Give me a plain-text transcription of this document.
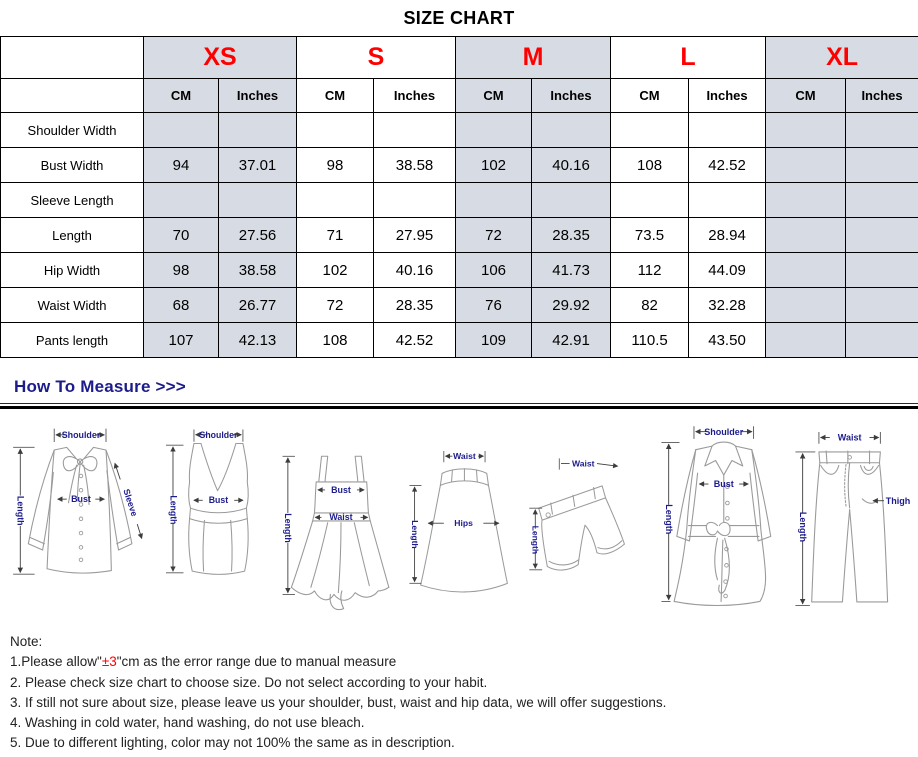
SIZE CHART
	XS		S		M		L		XL	
	CM	Inches	CM	Inches	CM	Inches	CM	Inches	CM	Inches
Shoulder Width										
Bust Width	94	37.01	98	38.58	102	40.16	108	42.52		
Sleeve Length										
Length	70	27.56	71	27.95	72	28.35	73.5	28.94		
Hip Width	98	38.58	102	40.16	106	41.73	112	44.09		
Waist Width	68	26.77	72	28.35	76	29.92	82	32.28		
Pants length	107	42.13	108	42.52	109	42.91	110.5	43.50		
How To Measure >>>
Shoulder
Length	Bust	Sleeve
Shoulder
Length	Bust
Length
Bust
Waist
Waist
Hips
Length
Waist
Length
Shoulder
Length
Bust
Waist
Length
Thigh
Note:
1.Please allow"±3"cm as the error range due to manual measure
2. Please check size chart to choose size. Do not select according to your habit.
3. If still not sure about size, please leave us your shoulder, bust, waist and hip data, we will offer suggestions.
4. Washing in cold water, hand washing, do not use bleach.
5. Due to different lighting, color may not 100% the same as in description.
